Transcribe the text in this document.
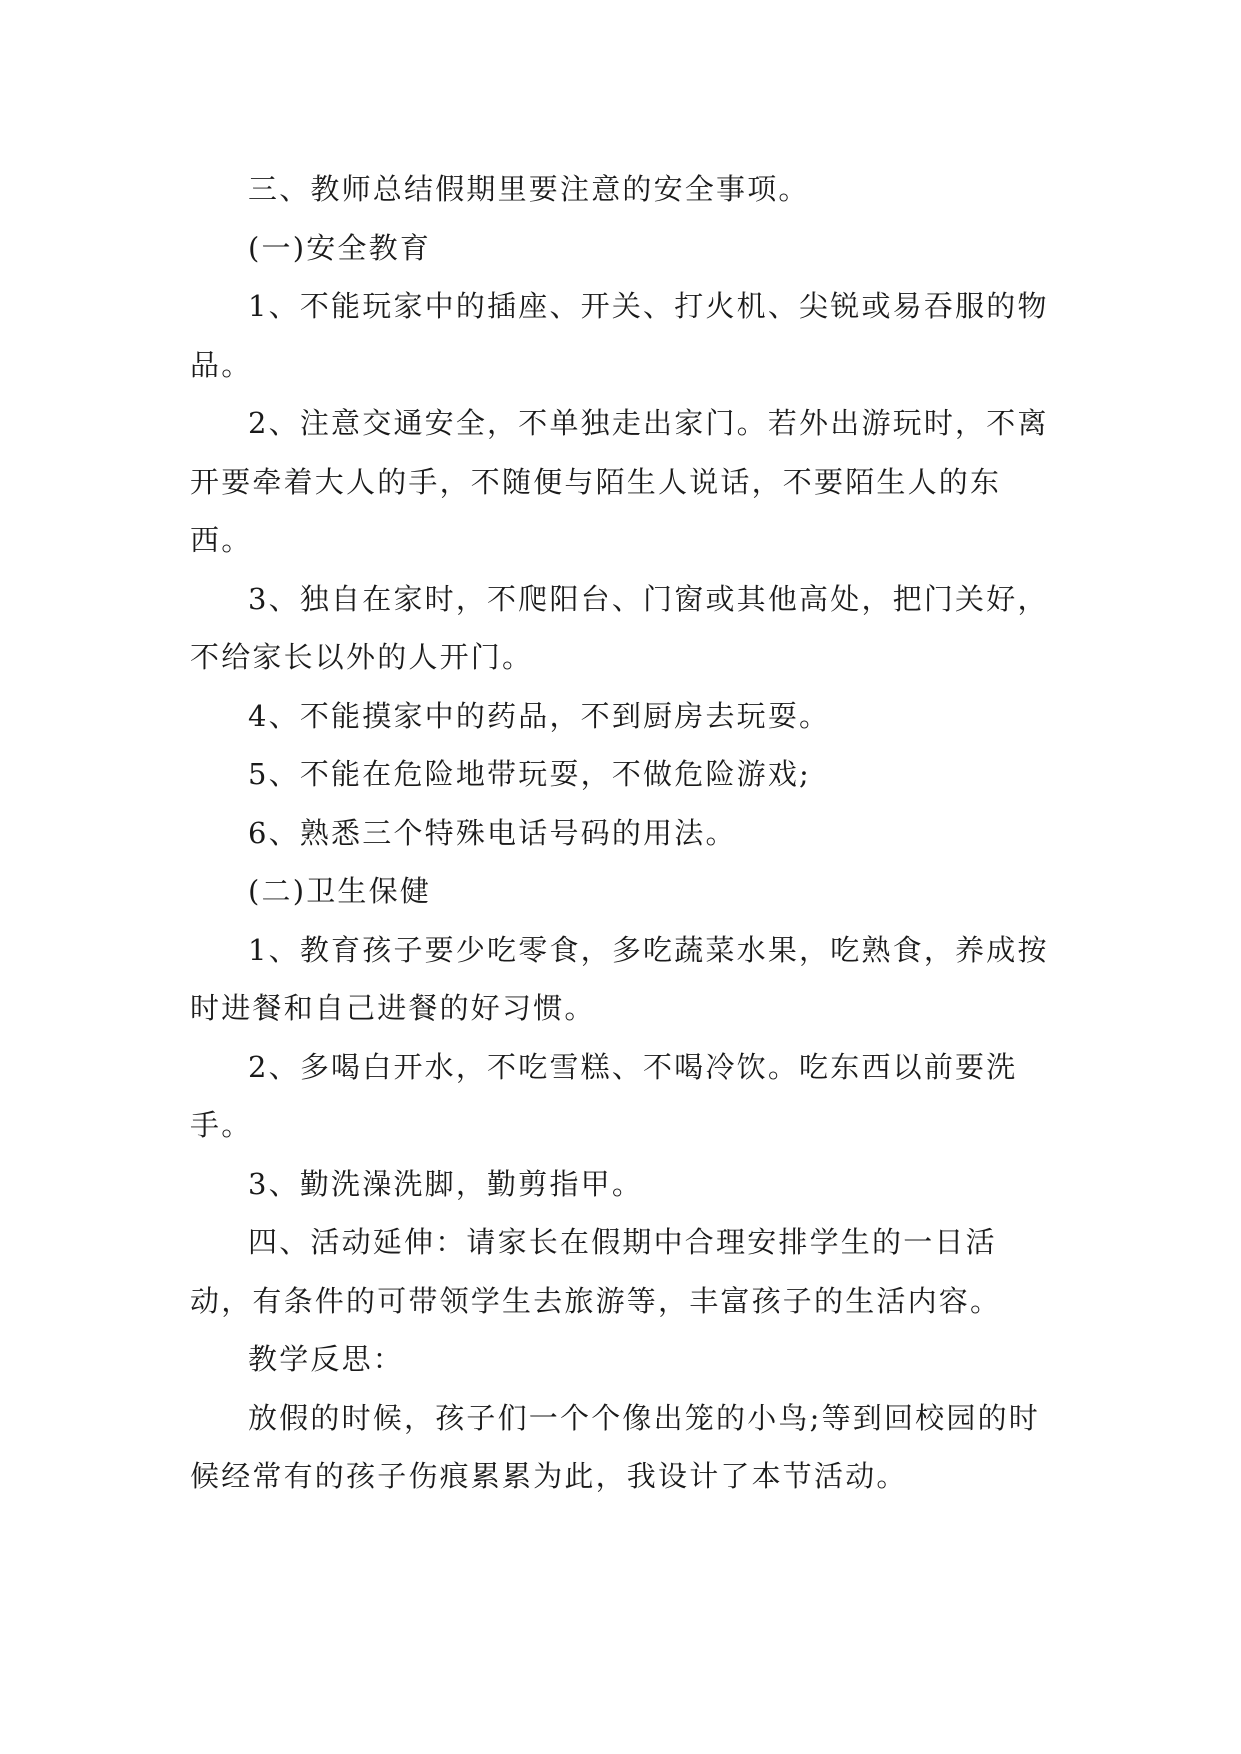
三、教师总结假期里要注意的安全事项。

(一)安全教育

1、不能玩家中的插座、开关、打火机、尖锐或易吞服的物品。

2、注意交通安全，不单独走出家门。若外出游玩时，不离开要牵着大人的手，不随便与陌生人说话，不要陌生人的东西。

3、独自在家时，不爬阳台、门窗或其他高处，把门关好，不给家长以外的人开门。

4、不能摸家中的药品，不到厨房去玩耍。

5、不能在危险地带玩耍，不做危险游戏;

6、熟悉三个特殊电话号码的用法。

(二)卫生保健

1、教育孩子要少吃零食，多吃蔬菜水果，吃熟食，养成按时进餐和自己进餐的好习惯。

2、多喝白开水，不吃雪糕、不喝冷饮。吃东西以前要洗手。

3、勤洗澡洗脚，勤剪指甲。

四、活动延伸：请家长在假期中合理安排学生的一日活动，有条件的可带领学生去旅游等，丰富孩子的生活内容。

教学反思：

放假的时候，孩子们一个个像出笼的小鸟;等到回校园的时候经常有的孩子伤痕累累为此，我设计了本节活动。
